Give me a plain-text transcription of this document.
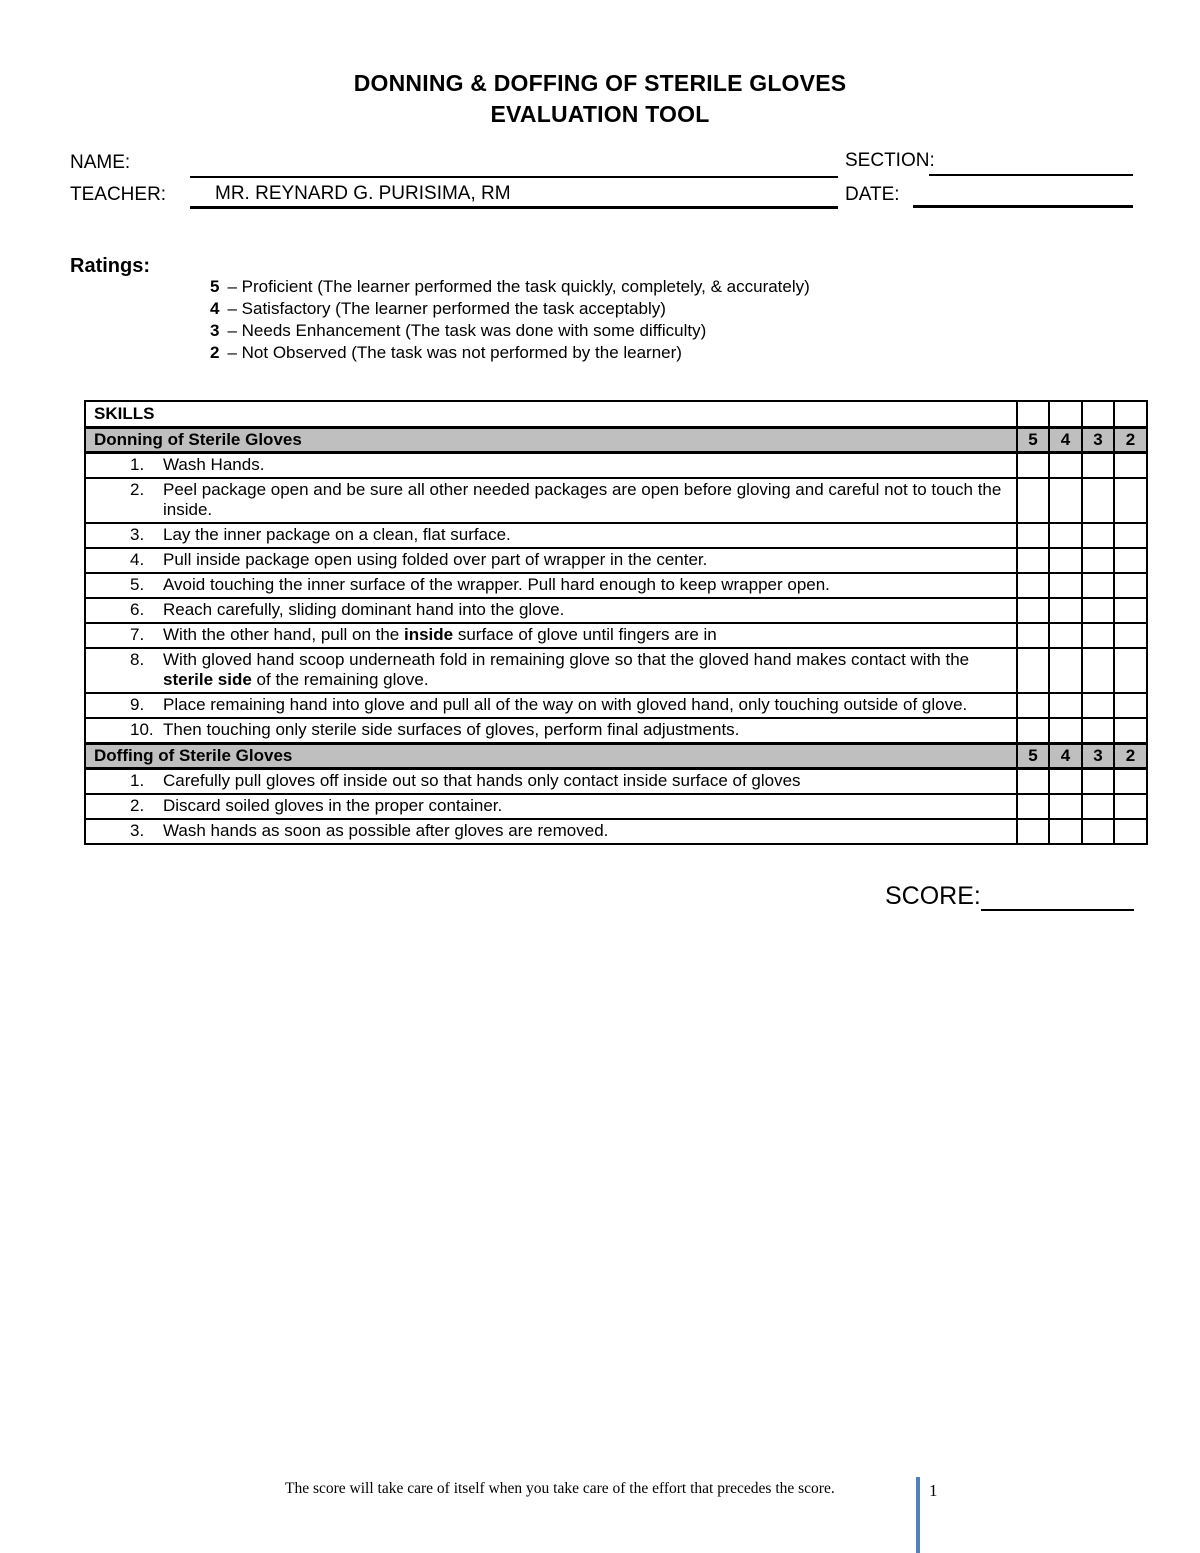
DONNING & DOFFING OF STERILE GLOVES
EVALUATION TOOL
NAME:	SECTION:
TEACHER:	MR. REYNARD G. PURISIMA, RM	DATE:
Ratings:
5 – Proficient (The learner performed the task quickly, completely, & accurately)
4 – Satisfactory (The learner performed the task acceptably)
3 – Needs Enhancement (The task was done with some difficulty)
2 – Not Observed (The task was not performed by the learner)
SKILLS				
Donning of Sterile Gloves	5	4	3	2

1. Wash Hands.				

2. Peel package open and be sure all other needed packages are open before gloving and careful not to touch the inside.				

3. Lay the inner package on a clean, flat surface.				

4. Pull inside package open using folded over part of wrapper in the center.				

5. Avoid touching the inner surface of the wrapper. Pull hard enough to keep wrapper open.				

6. Reach carefully, sliding dominant hand into the glove.				

7. With the other hand, pull on the inside surface of glove until fingers are in				

8. With gloved hand scoop underneath fold in remaining glove so that the gloved hand makes contact with the sterile side of the remaining glove.				

9. Place remaining hand into glove and pull all of the way on with gloved hand, only touching outside of glove.				

10. Then touching only sterile side surfaces of gloves, perform final adjustments.				

Doffing of Sterile Gloves	5	4	3	2

1. Carefully pull gloves off inside out so that hands only contact inside surface of gloves				

2. Discard soiled gloves in the proper container.				

3. Wash hands as soon as possible after gloves are removed.				

SCORE:
The score will take care of itself when you take care of the effort that precedes the score.	1
